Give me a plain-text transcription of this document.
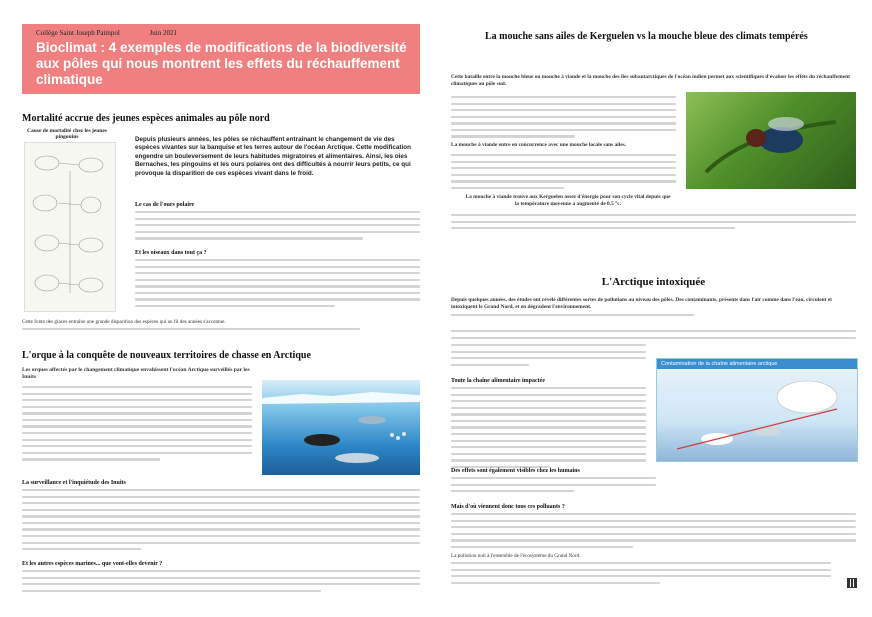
Collège Saint Joseph Paimpol	Juin 2021
Bioclimat : 4 exemples de modifications de la biodiversité aux pôles qui nous montrent les effets du réchauffement climatique
Mortalité accrue des jeunes espèces animales au pôle nord
Cause de mortalité chez les jeunes pingouins	Depuis plusieurs années, les pôles se réchauffent entraînant le changement de vie des espèces vivantes sur la banquise et les terres autour de l'océan Arctique. Cette modification engendre un bouleversement de leurs habitudes migratoires et alimentaires. Ainsi, les oies Bernaches, les pingouins et les ours polaires ont des difficultés à nourrir leurs petits, ce qui provoque la disparition de ces espèces vivant dans le froid.

Le cas de l'ours polaire
Et les oiseaux dans tout ça ?

Cette fonte des glaces entraîne une grande disparition des espèces qui au fil des années s'accentue.

L'orque à la conquête de nouveaux territoires de chasse en Arctique

Les orques affectés par le changement climatique envahissent l'océan Arctique surveillés par les Inuits

La surveillance et l'inquiétude des Inuits
Et les autres espèces marines... que vont-elles devenir ?
La mouche sans ailes de Kerguelen vs la mouche bleue des climats tempérés

Cette bataille entre la mouche bleue ou mouche à viande et la mouche des îles subantarctiques de l'océan indien permet aux scientifiques d'évaluer les effets du réchauffement climatiques au pôle sud.

La mouche à viande entre en concurrence avec une mouche locale sans ailes.

La mouche à viande trouve aux Kerguelen assez d'énergie pour son cycle vital depuis que la température moyenne a augmenté de 0.5 °c.

L'Arctique intoxiquée

Depuis quelques années, des études ont révélé différentes sortes de pollutions au niveau des pôles. Des contaminants, présents dans l'air comme dans l'eau, circulent et intoxiquent le Grand Nord, et en dégradent l'environnement.

Contamination de la chaîne alimentaire arctique
Toute la chaîne alimentaire impactée
Des effets sont également visibles chez les humains
Mais d'où viennent donc tous ces polluants ?

La pollution nuit à l'ensemble de l'écosystème du Grand Nord.
